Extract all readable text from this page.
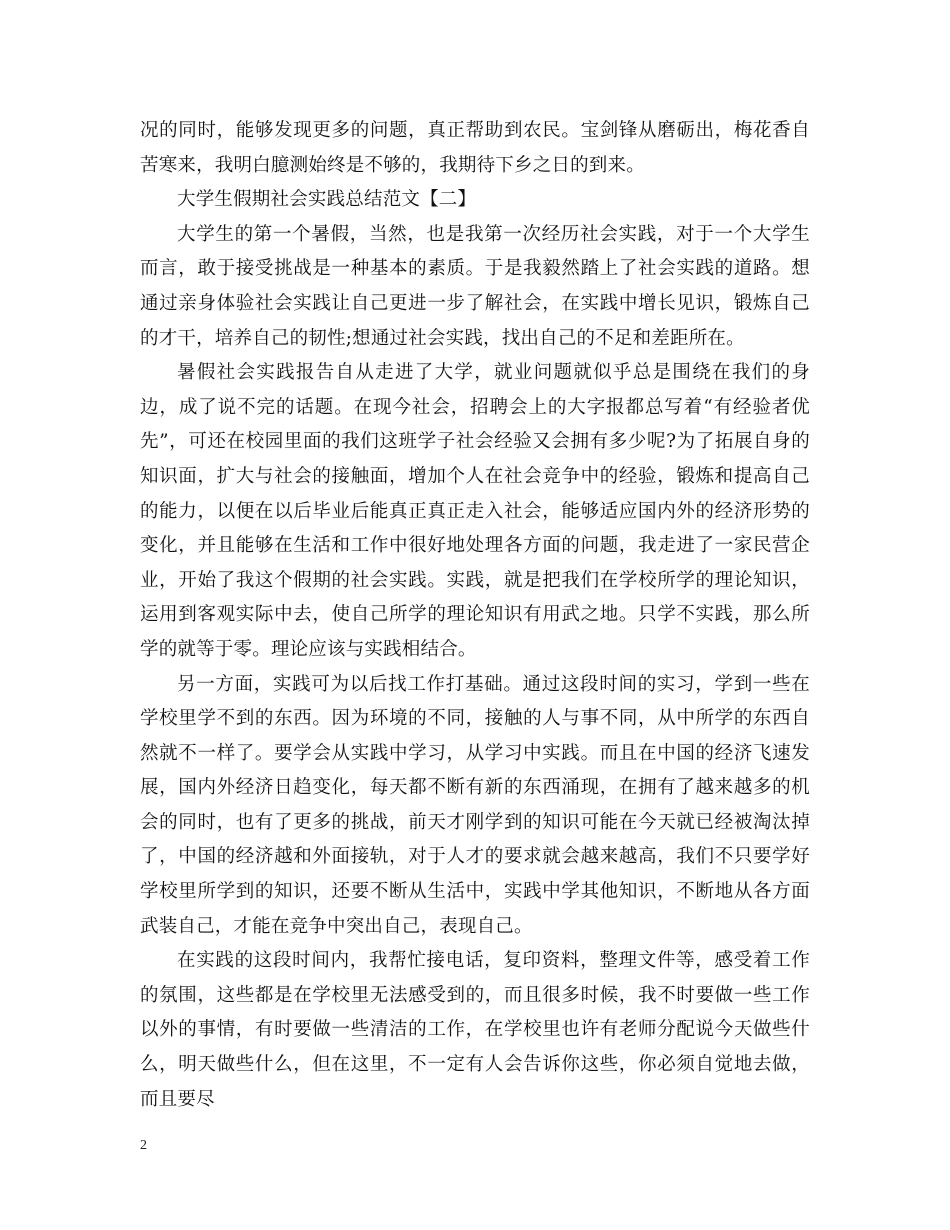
况的同时，能够发现更多的问题，真正帮助到农民。宝剑锋从磨砺出，梅花香自苦寒来，我明白臆测始终是不够的，我期待下乡之日的到来。

大学生假期社会实践总结范文【二】

大学生的第一个暑假，当然，也是我第一次经历社会实践，对于一个大学生而言，敢于接受挑战是一种基本的素质。于是我毅然踏上了社会实践的道路。想通过亲身体验社会实践让自己更进一步了解社会，在实践中增长见识，锻炼自己的才干，培养自己的韧性;想通过社会实践，找出自己的不足和差距所在。

暑假社会实践报告自从走进了大学，就业问题就似乎总是围绕在我们的身边，成了说不完的话题。在现今社会，招聘会上的大字报都总写着“有经验者优先”，可还在校园里面的我们这班学子社会经验又会拥有多少呢?为了拓展自身的知识面，扩大与社会的接触面，增加个人在社会竞争中的经验，锻炼和提高自己的能力，以便在以后毕业后能真正真正走入社会，能够适应国内外的经济形势的变化，并且能够在生活和工作中很好地处理各方面的问题，我走进了一家民营企业，开始了我这个假期的社会实践。实践，就是把我们在学校所学的理论知识，运用到客观实际中去，使自己所学的理论知识有用武之地。只学不实践，那么所学的就等于零。理论应该与实践相结合。

另一方面，实践可为以后找工作打基础。通过这段时间的实习，学到一些在学校里学不到的东西。因为环境的不同，接触的人与事不同，从中所学的东西自然就不一样了。要学会从实践中学习，从学习中实践。而且在中国的经济飞速发展，国内外经济日趋变化，每天都不断有新的东西涌现，在拥有了越来越多的机会的同时，也有了更多的挑战，前天才刚学到的知识可能在今天就已经被淘汰掉了，中国的经济越和外面接轨，对于人才的要求就会越来越高，我们不只要学好学校里所学到的知识，还要不断从生活中，实践中学其他知识，不断地从各方面武装自己，才能在竞争中突出自己，表现自己。

在实践的这段时间内，我帮忙接电话，复印资料，整理文件等，感受着工作的氛围，这些都是在学校里无法感受到的，而且很多时候，我不时要做一些工作以外的事情，有时要做一些清洁的工作，在学校里也许有老师分配说今天做些什么，明天做些什么，但在这里，不一定有人会告诉你这些，你必须自觉地去做，而且要尽

2
